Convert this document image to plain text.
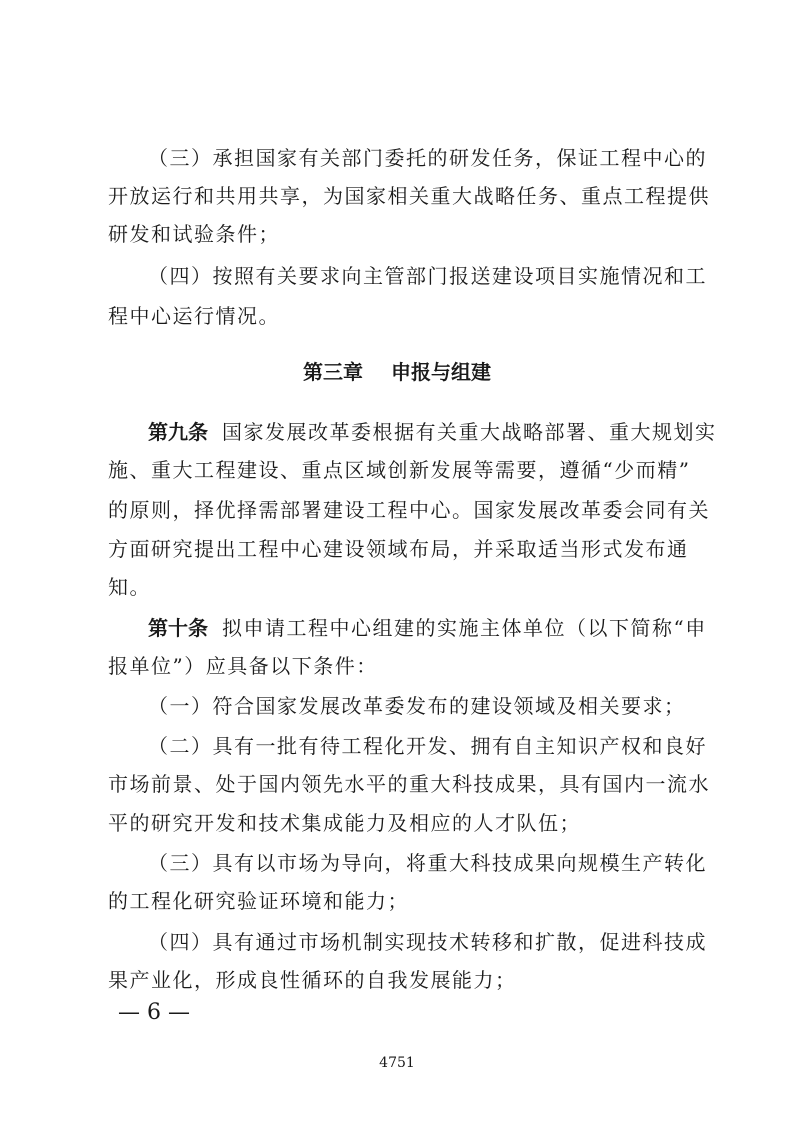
（三）承担国家有关部门委托的研发任务，保证工程中心的
开放运行和共用共享，为国家相关重大战略任务、重点工程提供
研发和试验条件；
（四）按照有关要求向主管部门报送建设项目实施情况和工
程中心运行情况。
第三章 申报与组建
第九条 国家发展改革委根据有关重大战略部署、重大规划实
施、重大工程建设、重点区域创新发展等需要，遵循“少而精”
的原则，择优择需部署建设工程中心。国家发展改革委会同有关
方面研究提出工程中心建设领域布局，并采取适当形式发布通
知。
第十条 拟申请工程中心组建的实施主体单位（以下简称“申
报单位”）应具备以下条件：
（一）符合国家发展改革委发布的建设领域及相关要求；
（二）具有一批有待工程化开发、拥有自主知识产权和良好
市场前景、处于国内领先水平的重大科技成果，具有国内一流水
平的研究开发和技术集成能力及相应的人才队伍；
（三）具有以市场为导向，将重大科技成果向规模生产转化
的工程化研究验证环境和能力；
（四）具有通过市场机制实现技术转移和扩散，促进科技成
果产业化，形成良性循环的自我发展能力；
— 6 —
4751
